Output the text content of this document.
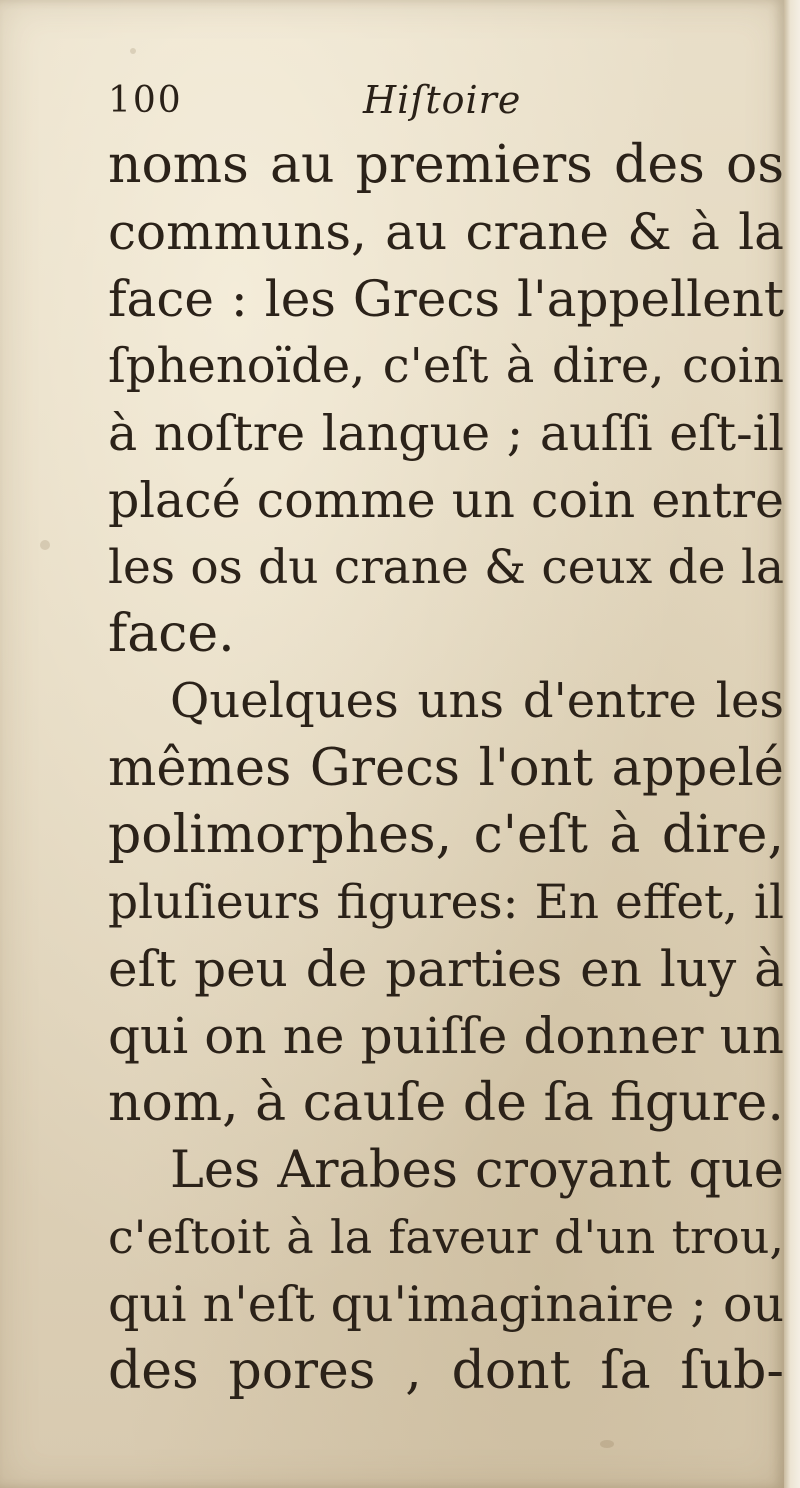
100	Hiſtoire
noms au premiers des os
communs, au crane & à la
face : les Grecs l'appellent
ſphenoïde, c'eſt à dire, coin
à noſtre langue ; auſſi eſt-il
placé comme un coin entre
les os du crane & ceux de la
face.
Quelques uns d'entre les
mêmes Grecs l'ont appelé
polimorphes, c'eſt à dire,
pluſieurs figures: En effet, il
eſt peu de parties en luy à
qui on ne puiſſe donner un
nom, à cauſe de ſa figure.
Les Arabes croyant que
c'eſtoit à la faveur d'un trou,
qui n'eſt qu'imaginaire ; ou
des pores , dont ſa ſub-
